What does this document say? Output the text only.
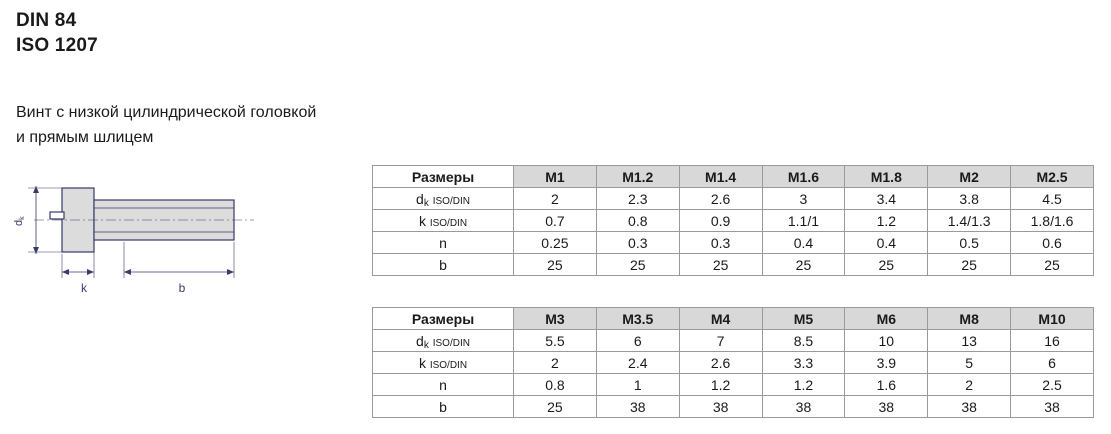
DIN 84
ISO 1207
Винт с низкой цилиндрической головкой
и прямым шлицем
dk
k	b
Размеры	M1	M1.2	M1.4	M1.6	M1.8	M2	M2.5
dk ISO/DIN	2	2.3	2.6	3	3.4	3.8	4.5
k ISO/DIN	0.7	0.8	0.9	1.1/1	1.2	1.4/1.3	1.8/1.6
n	0.25	0.3	0.3	0.4	0.4	0.5	0.6
b	25	25	25	25	25	25	25
Размеры	M3	M3.5	M4	M5	M6	M8	M10
dk ISO/DIN	5.5	6	7	8.5	10	13	16
k ISO/DIN	2	2.4	2.6	3.3	3.9	5	6
n	0.8	1	1.2	1.2	1.6	2	2.5
b	25	38	38	38	38	38	38
